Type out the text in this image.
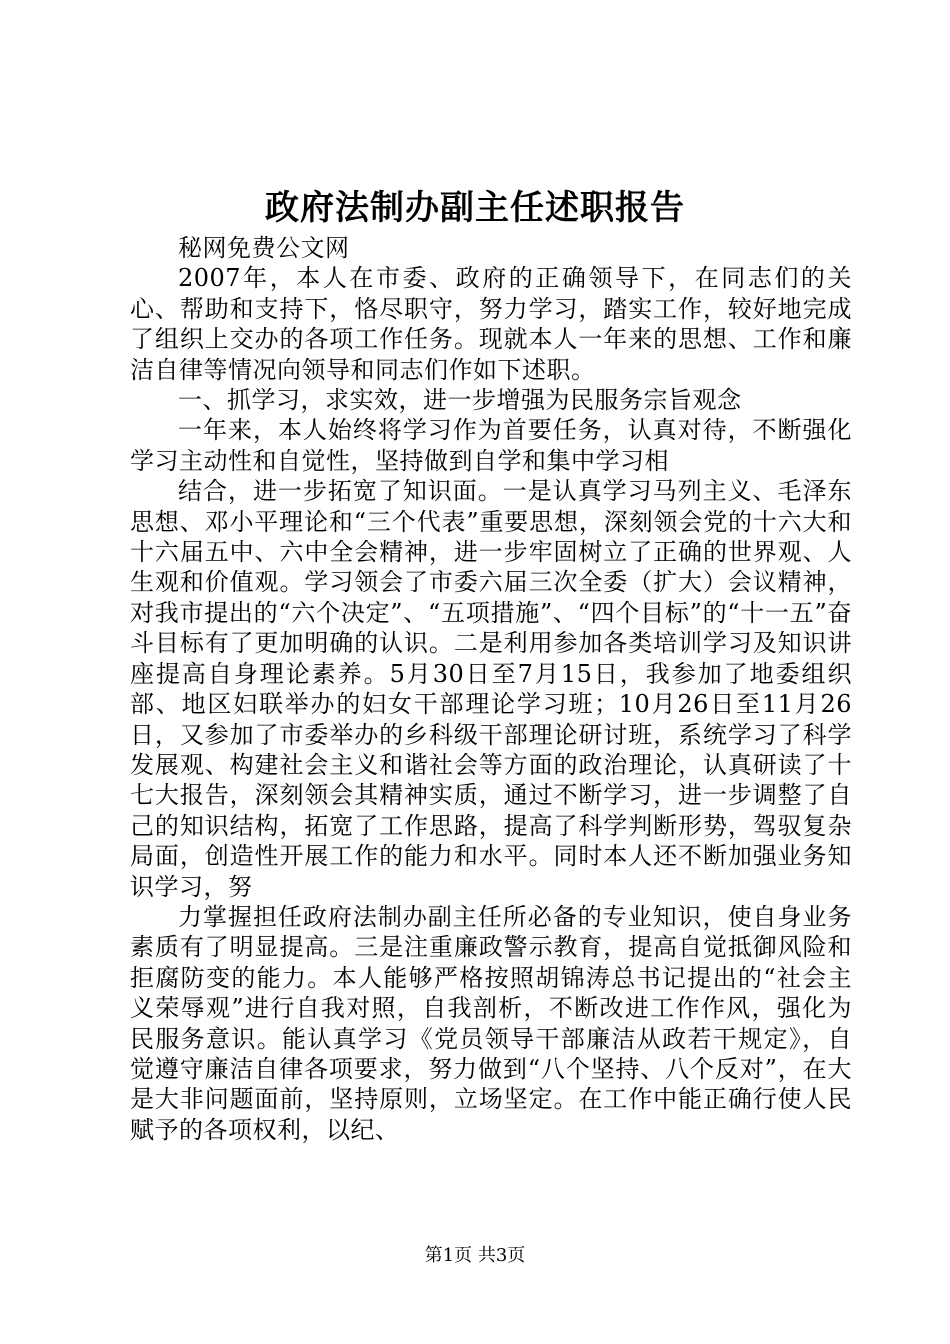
政府法制办副主任述职报告

秘网免费公文网

2007年，本人在市委、政府的正确领导下，在同志们的关心、帮助和支持下，恪尽职守，努力学习，踏实工作，较好地完成了组织上交办的各项工作任务。现就本人一年来的思想、工作和廉洁自律等情况向领导和同志们作如下述职。

一、抓学习，求实效，进一步增强为民服务宗旨观念

一年来，本人始终将学习作为首要任务，认真对待，不断强化学习主动性和自觉性，坚持做到自学和集中学习相

结合，进一步拓宽了知识面。一是认真学习马列主义、毛泽东思想、邓小平理论和“三个代表”重要思想，深刻领会党的十六大和十六届五中、六中全会精神，进一步牢固树立了正确的世界观、人生观和价值观。学习领会了市委六届三次全委（扩大）会议精神，对我市提出的“六个决定”、“五项措施”、“四个目标”的“十一五”奋斗目标有了更加明确的认识。二是利用参加各类培训学习及知识讲座提高自身理论素养。5月30日至7月15日，我参加了地委组织部、地区妇联举办的妇女干部理论学习班；10月26日至11月26日，又参加了市委举办的乡科级干部理论研讨班，系统学习了科学发展观、构建社会主义和谐社会等方面的政治理论，认真研读了十七大报告，深刻领会其精神实质，通过不断学习，进一步调整了自己的知识结构，拓宽了工作思路，提高了科学判断形势，驾驭复杂局面，创造性开展工作的能力和水平。同时本人还不断加强业务知识学习，努

力掌握担任政府法制办副主任所必备的专业知识，使自身业务素质有了明显提高。三是注重廉政警示教育，提高自觉抵御风险和拒腐防变的能力。本人能够严格按照胡锦涛总书记提出的“社会主义荣辱观”进行自我对照，自我剖析，不断改进工作作风，强化为民服务意识。能认真学习《党员领导干部廉洁从政若干规定》，自觉遵守廉洁自律各项要求，努力做到“八个坚持、八个反对”，在大是大非问题面前，坚持原则，立场坚定。在工作中能正确行使人民赋予的各项权利，以纪、

第1页 共3页
